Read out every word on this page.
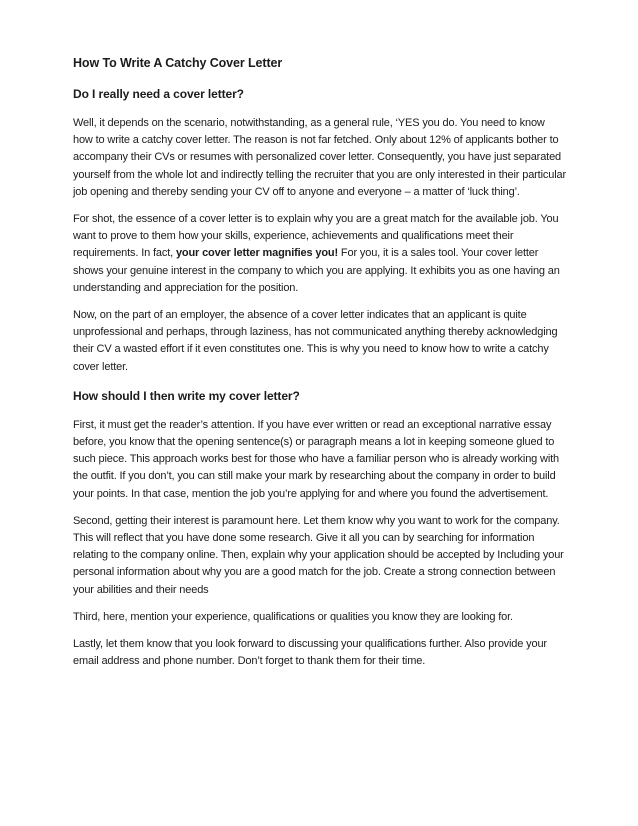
How To Write A Catchy Cover Letter
Do I really need a cover letter?

Well, it depends on the scenario, notwithstanding, as a general rule, ‘YES you do. You need to know how to write a catchy cover letter. The reason is not far fetched. Only about 12% of applicants bother to accompany their CVs or resumes with personalized cover letter. Consequently, you have just separated yourself from the whole lot and indirectly telling the recruiter that you are only interested in their particular job opening and thereby sending your CV off to anyone and everyone – a matter of ‘luck thing’.

For shot, the essence of a cover letter is to explain why you are a great match for the available job. You want to prove to them how your skills, experience, achievements and qualifications meet their requirements. In fact, your cover letter magnifies you! For you, it is a sales tool. Your cover letter shows your genuine interest in the company to which you are applying. It exhibits you as one having an understanding and appreciation for the position.

Now, on the part of an employer, the absence of a cover letter indicates that an applicant is quite unprofessional and perhaps, through laziness, has not communicated anything thereby acknowledging their CV a wasted effort if it even constitutes one. This is why you need to know how to write a catchy cover letter.

How should I then write my cover letter?

First, it must get the reader’s attention. If you have ever written or read an exceptional narrative essay before, you know that the opening sentence(s) or paragraph means a lot in keeping someone glued to such piece. This approach works best for those who have a familiar person who is already working with the outfit. If you don’t, you can still make your mark by researching about the company in order to build your points. In that case, mention the job you’re applying for and where you found the advertisement.

Second, getting their interest is paramount here. Let them know why you want to work for the company. This will reflect that you have done some research. Give it all you can by searching for information relating to the company online. Then, explain why your application should be accepted by Including your personal information about why you are a good match for the job. Create a strong connection between your abilities and their needs

Third, here, mention your experience, qualifications or qualities you know they are looking for.

Lastly, let them know that you look forward to discussing your qualifications further. Also provide your email address and phone number. Don’t forget to thank them for their time.
